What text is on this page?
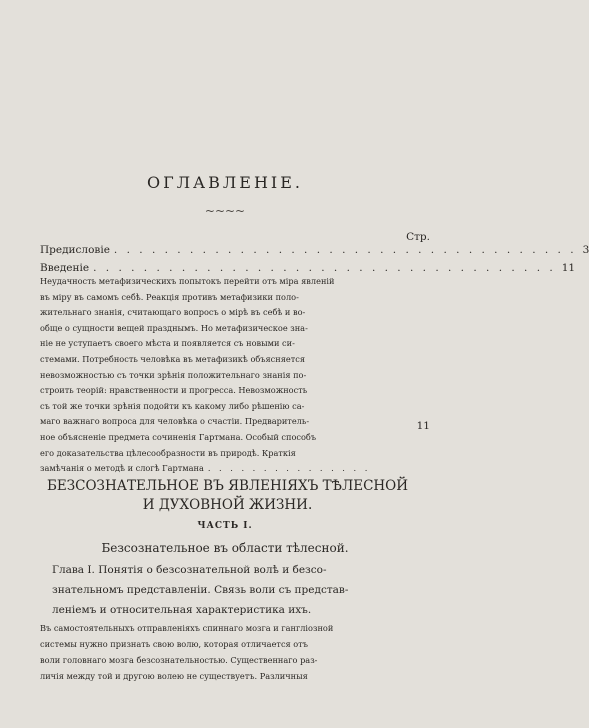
ОГЛАВЛЕНІЕ.
~~~~
Стр.
Предисловіе . . . . . . . . . . . . . . . . . . . . . . . . . . . . . . . . . . . . . 3
Введеніе . . . . . . . . . . . . . . . . . . . . . . . . . . . . . . . . . . . . . 11
Неудачность метафизическихъ попытокъ перейти отъ міра явленій
въ міру въ самомъ себѣ. Реакція противъ метафизики поло-
жительнаго знанія, считающаго вопросъ о мірѣ въ себѣ и во-
обще о сущности вещей празднымъ. Но метафизическое зна-
ніе не уступаетъ своего мѣста и появляется съ новыми си-
стемами. Потребность человѣка въ метафизикѣ объясняется
невозможностью съ точки зрѣнія положительнаго знанія по-
строить теорій: нравственности и прогресса. Невозможность
съ той же точки зрѣнія подойти къ какому либо рѣшенію са-
маго важнаго вопроса для человѣка о счастіи. Предваритель-
ное объясненіе предмета сочиненія Гартмана. Особый способъ
его доказательства цѣлесообразности въ природѣ. Краткія
замѣчанія о методѣ и слогѣ Гартмана . . . . . . . . . . . . . . .
11
БЕЗСОЗНАТЕЛЬНОЕ ВЪ ЯВЛЕНІЯХЪ ТѢЛЕСНОЙ
И ДУХОВНОЙ ЖИЗНИ.
ЧАСТЬ I.
Безсознательное въ области тѣлесной.
Глава I. Понятія о безсознательной волѣ и безсо-
знательномъ представленіи. Связь воли съ представ-
леніемъ и относительная характеристика ихъ.
Въ самостоятельныхъ отправленіяхъ спиннаго мозга и гангліозной
системы нужно признать свою волю, которая отличается отъ
воли головнаго мозга безсознательностью. Существеннаго раз-
личія между той и другою волею не существуетъ. Различныя
